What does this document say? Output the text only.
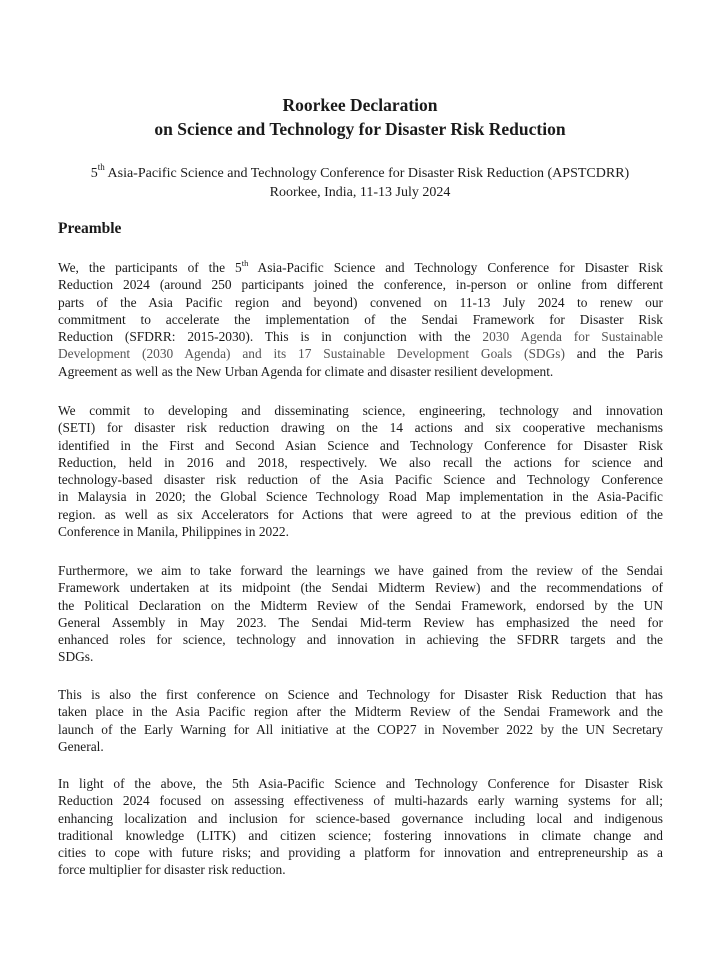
Roorkee Declaration
on Science and Technology for Disaster Risk Reduction
5th Asia-Pacific Science and Technology Conference for Disaster Risk Reduction (APSTCDRR)
Roorkee, India, 11-13 July 2024
Preamble
We, the participants of the 5th Asia-Pacific Science and Technology Conference for Disaster Risk
Reduction 2024 (around 250 participants joined the conference, in-person or online from different
parts of the Asia Pacific region and beyond) convened on 11-13 July 2024 to renew our
commitment to accelerate the implementation of the Sendai Framework for Disaster Risk
Reduction (SFDRR: 2015-2030). This is in conjunction with the 2030 Agenda for Sustainable
Development (2030 Agenda) and its 17 Sustainable Development Goals (SDGs) and the Paris
Agreement as well as the New Urban Agenda for climate and disaster resilient development.
We commit to developing and disseminating science, engineering, technology and innovation
(SETI) for disaster risk reduction drawing on the 14 actions and six cooperative mechanisms
identified in the First and Second Asian Science and Technology Conference for Disaster Risk
Reduction, held in 2016 and 2018, respectively. We also recall the actions for science and
technology-based disaster risk reduction of the Asia Pacific Science and Technology Conference
in Malaysia in 2020; the Global Science Technology Road Map implementation in the Asia-Pacific
region. as well as six Accelerators for Actions that were agreed to at the previous edition of the
Conference in Manila, Philippines in 2022.
Furthermore, we aim to take forward the learnings we have gained from the review of the Sendai
Framework undertaken at its midpoint (the Sendai Midterm Review) and the recommendations of
the Political Declaration on the Midterm Review of the Sendai Framework, endorsed by the UN
General Assembly in May 2023. The Sendai Mid-term Review has emphasized the need for
enhanced roles for science, technology and innovation in achieving the SFDRR targets and the
SDGs.
This is also the first conference on Science and Technology for Disaster Risk Reduction that has
taken place in the Asia Pacific region after the Midterm Review of the Sendai Framework and the
launch of the Early Warning for All initiative at the COP27 in November 2022 by the UN Secretary
General.
In light of the above, the 5th Asia-Pacific Science and Technology Conference for Disaster Risk
Reduction 2024 focused on assessing effectiveness of multi-hazards early warning systems for all;
enhancing localization and inclusion for science-based governance including local and indigenous
traditional knowledge (LITK) and citizen science; fostering innovations in climate change and
cities to cope with future risks; and providing a platform for innovation and entrepreneurship as a
force multiplier for disaster risk reduction.
